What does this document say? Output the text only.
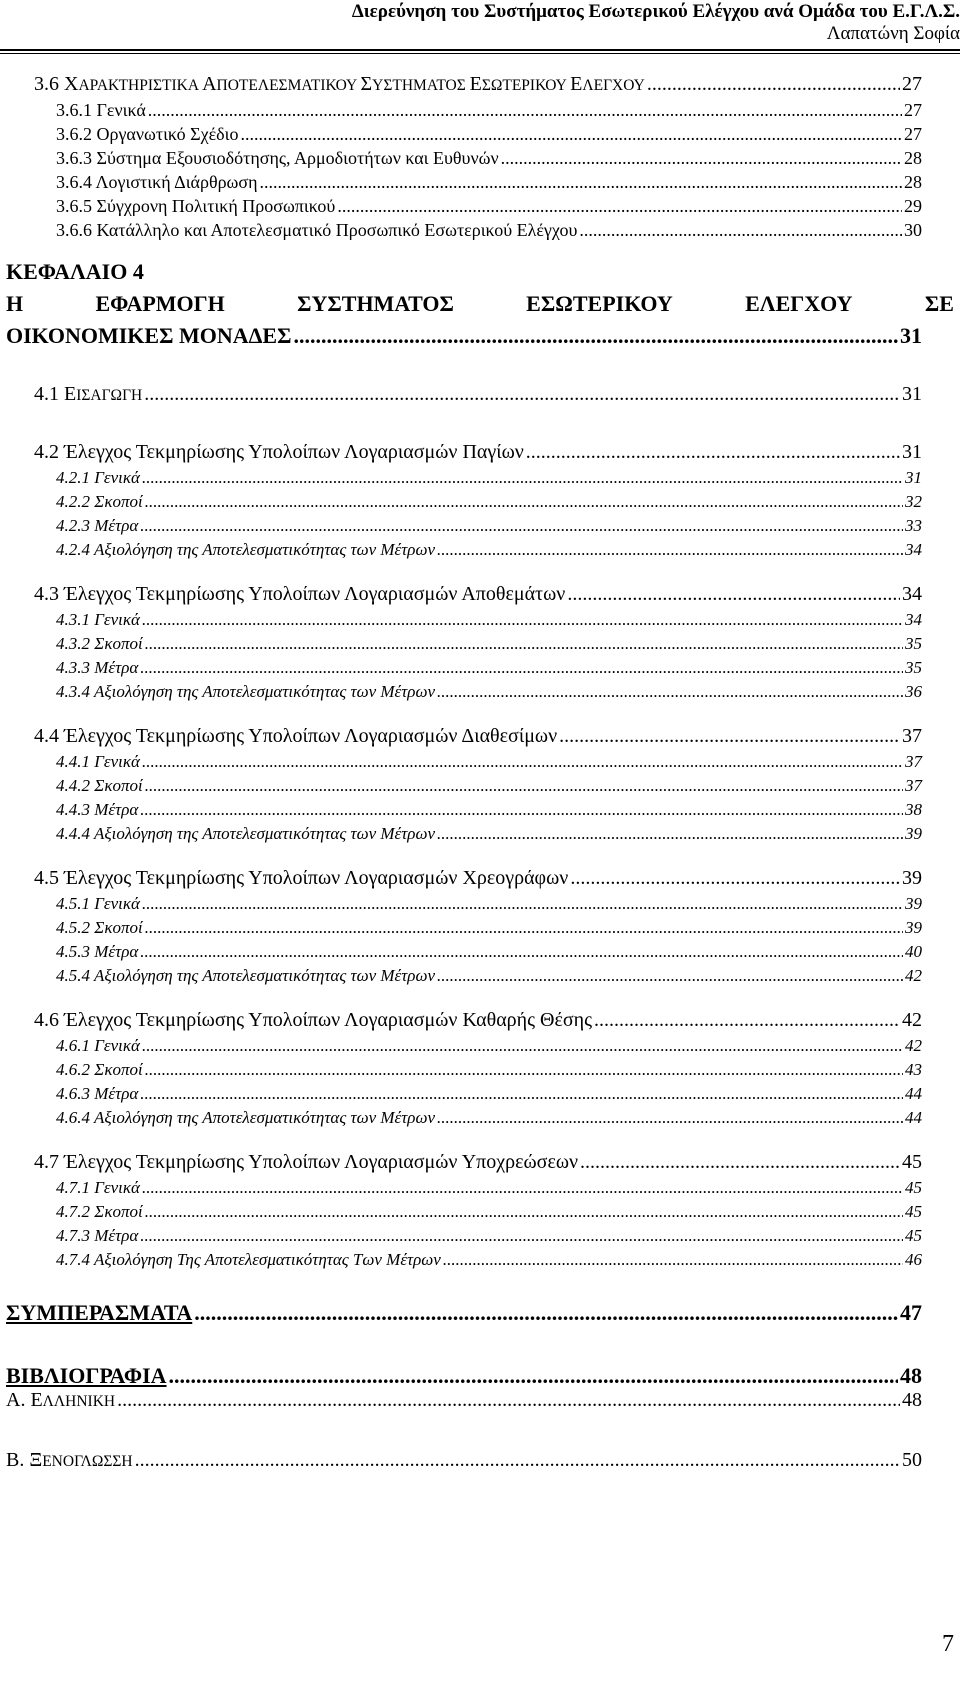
Διερεύνηση του Συστήματος Εσωτερικού Ελέγχου ανά Ομάδα του Ε.Γ.Λ.Σ.
Λαπατώνη Σοφία
3.6 ΧΑΡΑΚΤΗΡΙΣΤΙΚΑ ΑΠΟΤΕΛΕΣΜΑΤΙΚΟΥ ΣΥΣΤΗΜΑΤΟΣ ΕΣΩΤΕΡΙΚΟΥ ΕΛΕΓΧΟΥ .....	27
3.6.1 Γενικά .....	27
3.6.2 Οργανωτικό Σχέδιο .....	27
3.6.3 Σύστημα Εξουσιοδότησης, Αρμοδιοτήτων και Ευθυνών .....	28
3.6.4 Λογιστική Διάρθρωση .....	28
3.6.5 Σύγχρονη Πολιτική Προσωπικού .....	29
3.6.6 Κατάλληλο και Αποτελεσματικό Προσωπικό Εσωτερικού Ελέγχου .....	30
ΚΕΦΑΛΑΙΟ 4
Η	ΕΦΑΡΜΟΓΗ	ΣΥΣΤΗΜΑΤΟΣ	ΕΣΩΤΕΡΙΚΟΥ	ΕΛΕΓΧΟΥ	ΣΕ
ΟΙΚΟΝΟΜΙΚΕΣ ΜΟΝΑΔΕΣ .....	31
4.1 ΕΙΣΑΓΩΓΗ .....	31
4.2 Έλεγχος Τεκμηρίωσης Υπολοίπων Λογαριασμών Παγίων .....	31
4.2.1 Γενικά .....	31
4.2.2 Σκοποί .....	32
4.2.3 Μέτρα .....	33
4.2.4 Αξιολόγηση της Αποτελεσματικότητας των Μέτρων .....	34
4.3 Έλεγχος Τεκμηρίωσης Υπολοίπων Λογαριασμών Αποθεμάτων .....	34
4.3.1 Γενικά .....	34
4.3.2 Σκοποί .....	35
4.3.3 Μέτρα .....	35
4.3.4 Αξιολόγηση της Αποτελεσματικότητας των Μέτρων .....	36
4.4 Έλεγχος Τεκμηρίωσης Υπολοίπων Λογαριασμών Διαθεσίμων .....	37
4.4.1 Γενικά .....	37
4.4.2 Σκοποί .....	37
4.4.3 Μέτρα .....	38
4.4.4 Αξιολόγηση της Αποτελεσματικότητας των Μέτρων .....	39
4.5 Έλεγχος Τεκμηρίωσης Υπολοίπων Λογαριασμών Χρεογράφων .....	39
4.5.1 Γενικά .....	39
4.5.2 Σκοποί .....	39
4.5.3 Μέτρα .....	40
4.5.4 Αξιολόγηση της Αποτελεσματικότητας των Μέτρων .....	42
4.6 Έλεγχος Τεκμηρίωσης Υπολοίπων Λογαριασμών Καθαρής Θέσης .....	42
4.6.1 Γενικά .....	42
4.6.2 Σκοποί .....	43
4.6.3 Μέτρα .....	44
4.6.4 Αξιολόγηση της Αποτελεσματικότητας των Μέτρων .....	44
4.7 Έλεγχος Τεκμηρίωσης Υπολοίπων Λογαριασμών Υποχρεώσεων .....	45
4.7.1 Γενικά .....	45
4.7.2 Σκοποί .....	45
4.7.3 Μέτρα .....	45
4.7.4 Αξιολόγηση Της Αποτελεσματικότητας Των Μέτρων .....	46
ΣΥΜΠΕΡΑΣΜΑΤΑ .....	47
ΒΙΒΛΙΟΓΡΑΦΙΑ .....	48
Α. ΕΛΛΗΝΙΚΗ .....	48
Β. ΞΕΝΟΓΛΩΣΣΗ .....	50
7
